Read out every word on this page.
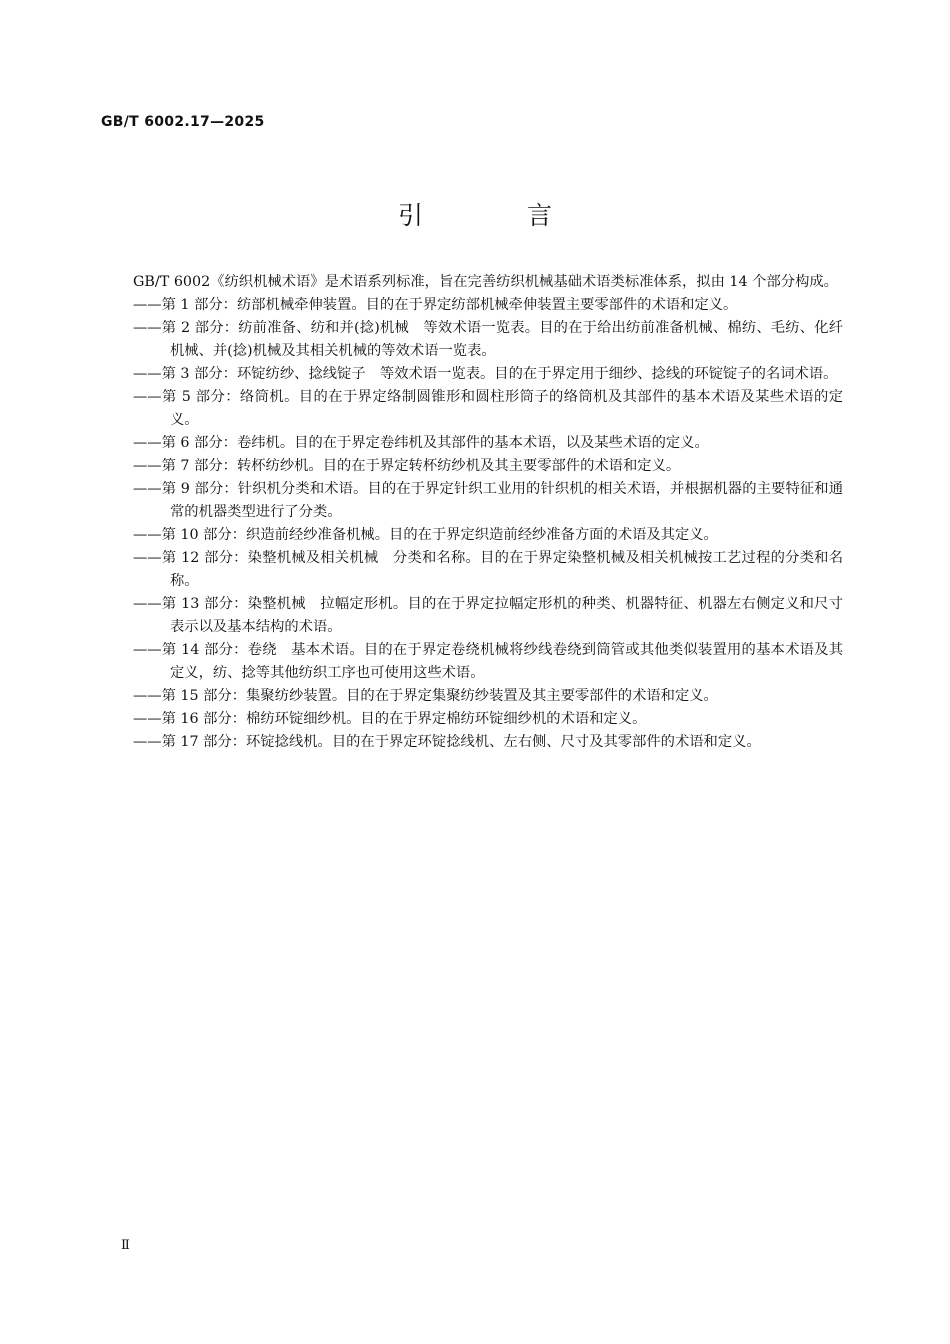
GB/T 6002.17—2025
引 言

GB/T 6002《纺织机械术语》是术语系列标准，旨在完善纺织机械基础术语类标准体系，拟由 14 个部分构成。

——第 1 部分：纺部机械牵伸装置。目的在于界定纺部机械牵伸装置主要零部件的术语和定义。
——第 2 部分：纺前准备、纺和并(捻)机械　等效术语一览表。目的在于给出纺前准备机械、棉纺、毛纺、化纤机械、并(捻)机械及其相关机械的等效术语一览表。
——第 3 部分：环锭纺纱、捻线锭子　等效术语一览表。目的在于界定用于细纱、捻线的环锭锭子的名词术语。
——第 5 部分：络筒机。目的在于界定络制圆锥形和圆柱形筒子的络筒机及其部件的基本术语及某些术语的定义。
——第 6 部分：卷纬机。目的在于界定卷纬机及其部件的基本术语，以及某些术语的定义。
——第 7 部分：转杯纺纱机。目的在于界定转杯纺纱机及其主要零部件的术语和定义。
——第 9 部分：针织机分类和术语。目的在于界定针织工业用的针织机的相关术语，并根据机器的主要特征和通常的机器类型进行了分类。
——第 10 部分：织造前经纱准备机械。目的在于界定织造前经纱准备方面的术语及其定义。
——第 12 部分：染整机械及相关机械　分类和名称。目的在于界定染整机械及相关机械按工艺过程的分类和名称。
——第 13 部分：染整机械　拉幅定形机。目的在于界定拉幅定形机的种类、机器特征、机器左右侧定义和尺寸表示以及基本结构的术语。
——第 14 部分：卷绕　基本术语。目的在于界定卷绕机械将纱线卷绕到筒管或其他类似装置用的基本术语及其定义，纺、捻等其他纺织工序也可使用这些术语。
——第 15 部分：集聚纺纱装置。目的在于界定集聚纺纱装置及其主要零部件的术语和定义。
——第 16 部分：棉纺环锭细纱机。目的在于界定棉纺环锭细纱机的术语和定义。
——第 17 部分：环锭捻线机。目的在于界定环锭捻线机、左右侧、尺寸及其零部件的术语和定义。
Ⅱ
